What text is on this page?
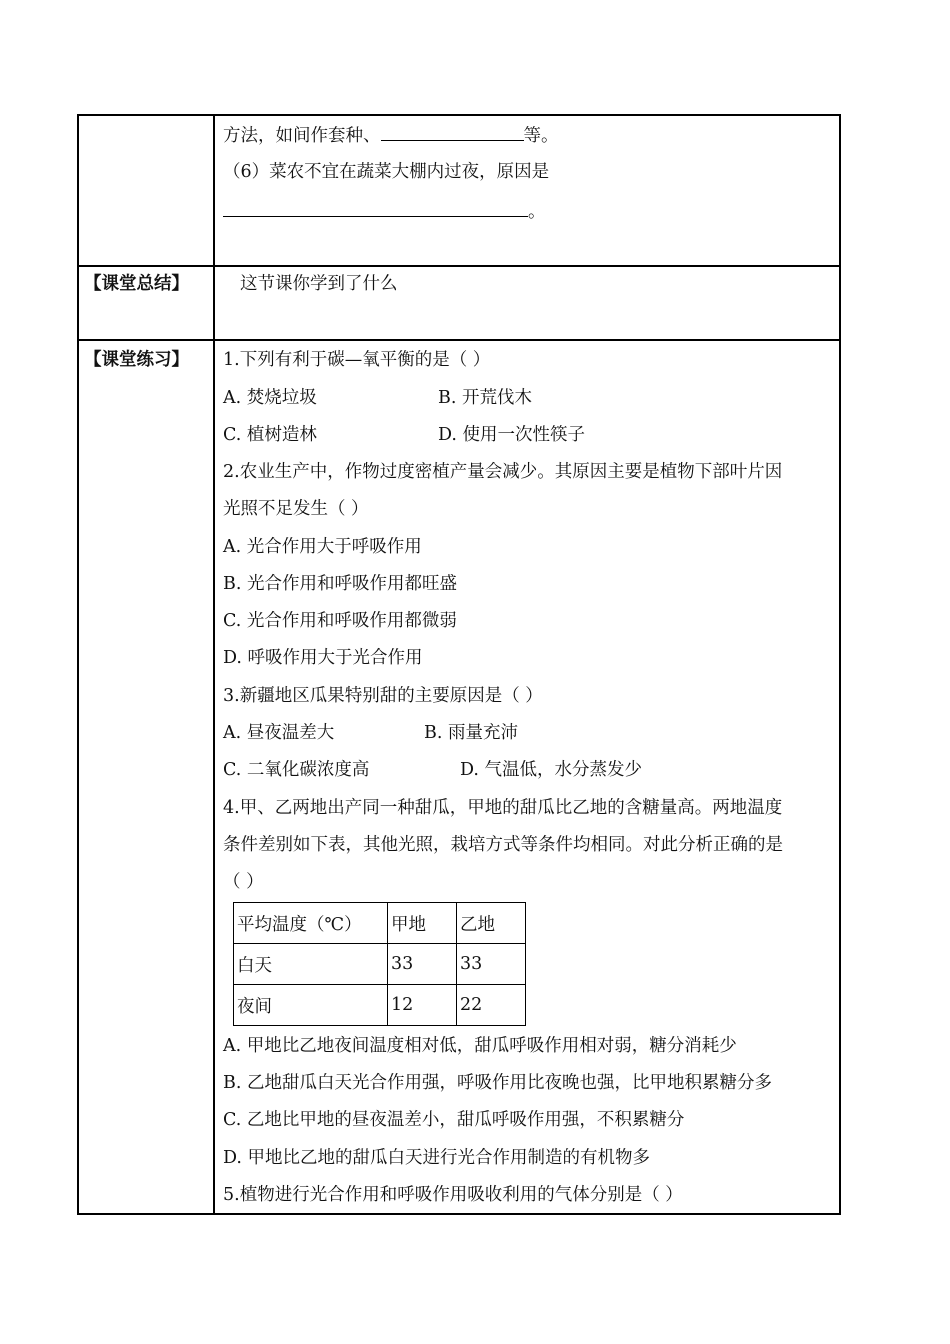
方法，如间作套种、	等。
（6）菜农不宜在蔬菜大棚内过夜，原因是
。
【课堂总结】	这节课你学到了什么
【课堂练习】 1.下列有利于碳—氧平衡的是（ ）
A. 焚烧垃圾	B. 开荒伐木
C. 植树造林	D. 使用一次性筷子
2.农业生产中，作物过度密植产量会减少。其原因主要是植物下部叶片因
光照不足发生（ ）
A. 光合作用大于呼吸作用
B. 光合作用和呼吸作用都旺盛
C. 光合作用和呼吸作用都微弱
D. 呼吸作用大于光合作用
3.新疆地区瓜果特别甜的主要原因是（ ）
A. 昼夜温差大	B. 雨量充沛
C. 二氧化碳浓度高	D. 气温低，水分蒸发少
4.甲、乙两地出产同一种甜瓜，甲地的甜瓜比乙地的含糖量高。两地温度
条件差别如下表，其他光照，栽培方式等条件均相同。对此分析正确的是
（ ）
平均温度（℃）	甲地	乙地
白天	33	33
夜间	12	22
A. 甲地比乙地夜间温度相对低，甜瓜呼吸作用相对弱，糖分消耗少
B. 乙地甜瓜白天光合作用强，呼吸作用比夜晚也强，比甲地积累糖分多
C. 乙地比甲地的昼夜温差小，甜瓜呼吸作用强，不积累糖分
D. 甲地比乙地的甜瓜白天进行光合作用制造的有机物多
5.植物进行光合作用和呼吸作用吸收利用的气体分别是（ ）
